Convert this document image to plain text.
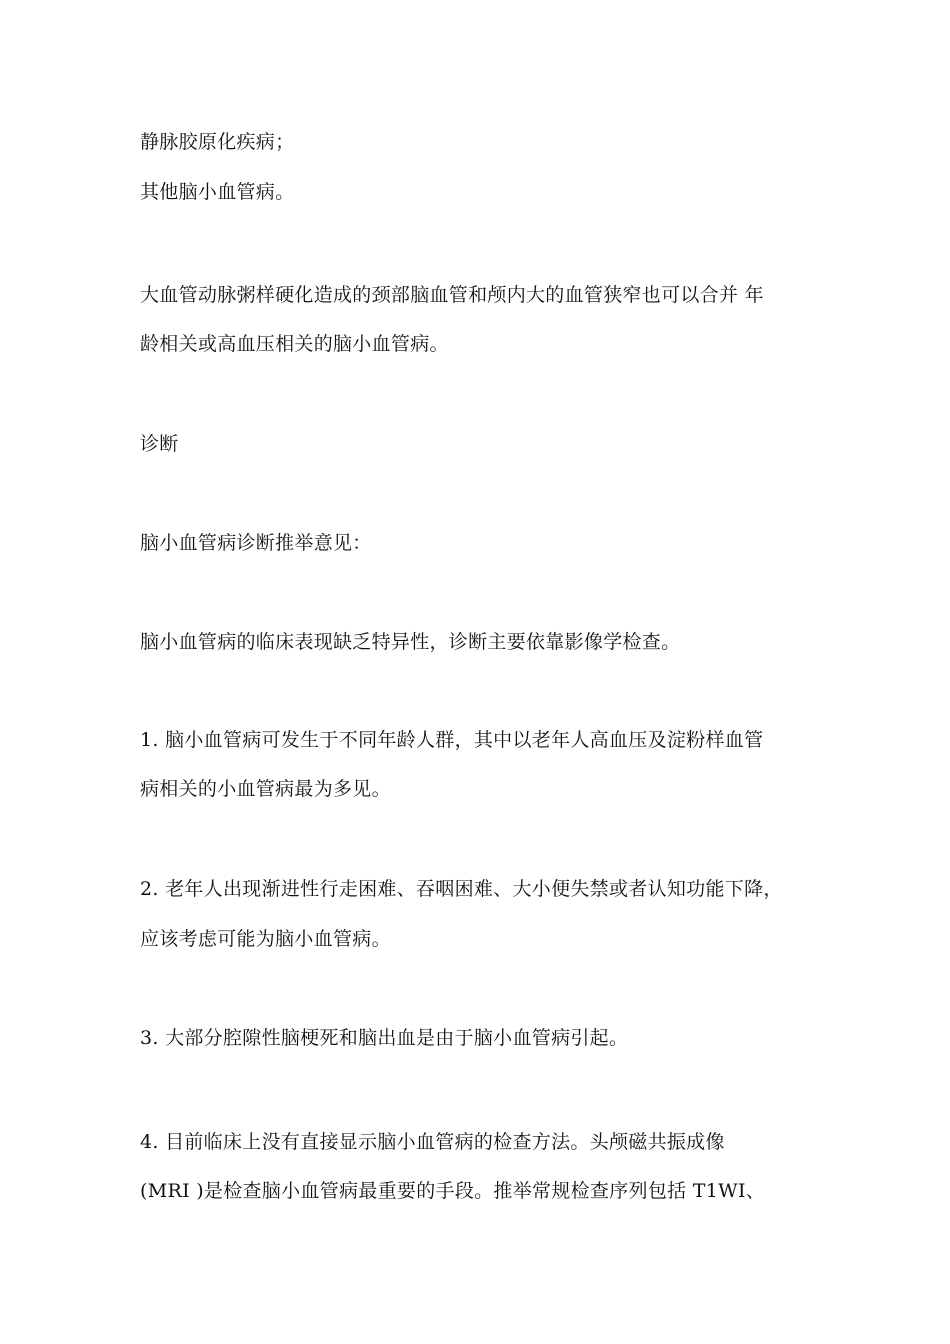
静脉胶原化疾病；
其他脑小血管病。
大血管动脉粥样硬化造成的颈部脑血管和颅内大的血管狭窄也可以合并 年
龄相关或高血压相关的脑小血管病。
诊断
脑小血管病诊断推举意见：
脑小血管病的临床表现缺乏特异性，诊断主要依靠影像学检查。
1. 脑小血管病可发生于不同年龄人群，其中以老年人高血压及淀粉样血管
病相关的小血管病最为多见。
2. 老年人出现渐进性行走困难、吞咽困难、大小便失禁或者认知功能下降，
应该考虑可能为脑小血管病。
3. 大部分腔隙性脑梗死和脑出血是由于脑小血管病引起。
4. 目前临床上没有直接显示脑小血管病的检查方法。头颅磁共振成像
(MRI )是检查脑小血管病最重要的手段。推举常规检查序列包括 T1WI、
